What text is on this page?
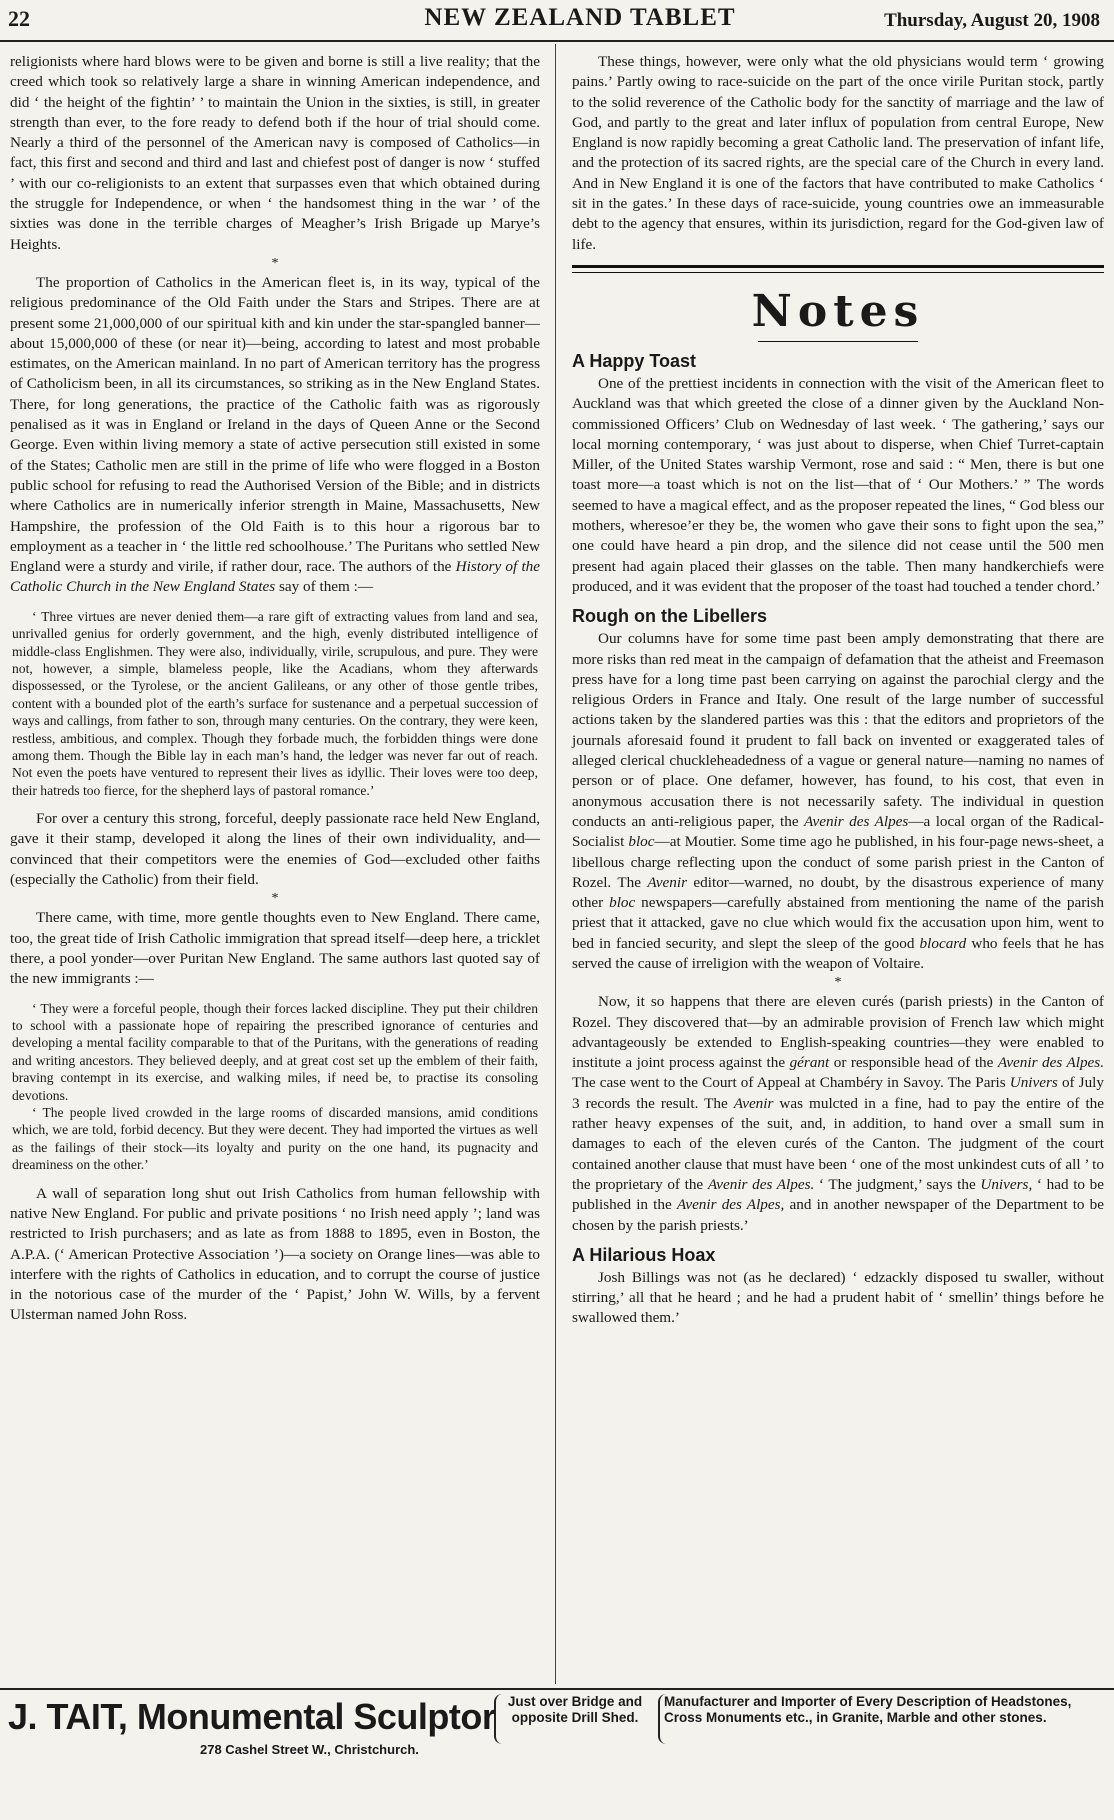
22	NEW ZEALAND TABLET	Thursday, August 20, 1908

religionists where hard blows were to be given and borne is still a live reality; that the creed which took so relatively large a share in winning American independence, and did ‘ the height of the fightin’ ’ to maintain the Union in the sixties, is still, in greater strength than ever, to the fore ready to defend both if the hour of trial should come. Nearly a third of the personnel of the American navy is composed of Catholics—in fact, this first and second and third and last and chiefest post of danger is now ‘ stuffed ’ with our co-religionists to an extent that surpasses even that which obtained during the struggle for Independence, or when ‘ the handsomest thing in the war ’ of the sixties was done in the terrible charges of Meagher’s Irish Brigade up Marye’s Heights.

*

The proportion of Catholics in the American fleet is, in its way, typical of the religious predominance of the Old Faith under the Stars and Stripes. There are at present some 21,000,000 of our spiritual kith and kin under the star-spangled banner—about 15,000,000 of these (or near it)—being, according to latest and most probable estimates, on the American mainland. In no part of American territory has the progress of Catholicism been, in all its circumstances, so striking as in the New England States. There, for long generations, the practice of the Catholic faith was as rigorously penalised as it was in England or Ireland in the days of Queen Anne or the Second George. Even within living memory a state of active persecution still existed in some of the States; Catholic men are still in the prime of life who were flogged in a Boston public school for refusing to read the Authorised Version of the Bible; and in districts where Catholics are in numerically inferior strength in Maine, Massachusetts, New Hampshire, the profession of the Old Faith is to this hour a rigorous bar to employment as a teacher in ‘ the little red schoolhouse.’ The Puritans who settled New England were a sturdy and virile, if rather dour, race. The authors of the History of the Catholic Church in the New England States say of them :—

‘ Three virtues are never denied them—a rare gift of extracting values from land and sea, unrivalled genius for orderly government, and the high, evenly distributed intelligence of middle-class Englishmen. They were also, individually, virile, scrupulous, and pure. They were not, however, a simple, blameless people, like the Acadians, whom they afterwards dispossessed, or the Tyrolese, or the ancient Galileans, or any other of those gentle tribes, content with a bounded plot of the earth’s surface for sustenance and a perpetual succession of ways and callings, from father to son, through many centuries. On the contrary, they were keen, restless, ambitious, and complex. Though they forbade much, the forbidden things were done among them. Though the Bible lay in each man’s hand, the ledger was never far out of reach. Not even the poets have ventured to represent their lives as idyllic. Their loves were too deep, their hatreds too fierce, for the shepherd lays of pastoral romance.’

For over a century this strong, forceful, deeply passionate race held New England, gave it their stamp, developed it along the lines of their own individuality, and—convinced that their competitors were the enemies of God—excluded other faiths (especially the Catholic) from their field.

*

There came, with time, more gentle thoughts even to New England. There came, too, the great tide of Irish Catholic immigration that spread itself—deep here, a tricklet there, a pool yonder—over Puritan New England. The same authors last quoted say of the new immigrants :—

‘ They were a forceful people, though their forces lacked discipline. They put their children to school with a passionate hope of repairing the prescribed ignorance of centuries and developing a mental facility comparable to that of the Puritans, with the generations of reading and writing ancestors. They believed deeply, and at great cost set up the emblem of their faith, braving contempt in its exercise, and walking miles, if need be, to practise its consoling devotions.

‘ The people lived crowded in the large rooms of discarded mansions, amid conditions which, we are told, forbid decency. But they were decent. They had imported the virtues as well as the failings of their stock—its loyalty and purity on the one hand, its pugnacity and dreaminess on the other.’

A wall of separation long shut out Irish Catholics from human fellowship with native New England. For public and private positions ‘ no Irish need apply ’; land was restricted to Irish purchasers; and as late as from 1888 to 1895, even in Boston, the A.P.A. (‘ American Protective Association ’)—a society on Orange lines—was able to interfere with the rights of Catholics in education, and to corrupt the course of justice in the notorious case of the murder of the ‘ Papist,’ John W. Wills, by a fervent Ulsterman named John Ross.

These things, however, were only what the old physicians would term ‘ growing pains.’ Partly owing to race-suicide on the part of the once virile Puritan stock, partly to the solid reverence of the Catholic body for the sanctity of marriage and the law of God, and partly to the great and later influx of population from central Europe, New England is now rapidly becoming a great Catholic land. The preservation of infant life, and the protection of its sacred rights, are the special care of the Church in every land. And in New England it is one of the factors that have contributed to make Catholics ‘ sit in the gates.’ In these days of race-suicide, young countries owe an immeasurable debt to the agency that ensures, within its jurisdiction, regard for the God-given law of life.

Notes
A Happy Toast

One of the prettiest incidents in connection with the visit of the American fleet to Auckland was that which greeted the close of a dinner given by the Auckland Non-commissioned Officers’ Club on Wednesday of last week. ‘ The gathering,’ says our local morning contemporary, ‘ was just about to disperse, when Chief Turret-captain Miller, of the United States warship Vermont, rose and said : “ Men, there is but one toast more—a toast which is not on the list—that of ‘ Our Mothers.’ ” The words seemed to have a magical effect, and as the proposer repeated the lines, “ God bless our mothers, wheresoe’er they be, the women who gave their sons to fight upon the sea,” one could have heard a pin drop, and the silence did not cease until the 500 men present had again placed their glasses on the table. Then many handkerchiefs were produced, and it was evident that the proposer of the toast had touched a tender chord.’

Rough on the Libellers

Our columns have for some time past been amply demonstrating that there are more risks than red meat in the campaign of defamation that the atheist and Freemason press have for a long time past been carrying on against the parochial clergy and the religious Orders in France and Italy. One result of the large number of successful actions taken by the slandered parties was this : that the editors and proprietors of the journals aforesaid found it prudent to fall back on invented or exaggerated tales of alleged clerical chuckleheadedness of a vague or general nature—naming no names of person or of place. One defamer, however, has found, to his cost, that even in anonymous accusation there is not necessarily safety. The individual in question conducts an anti-religious paper, the Avenir des Alpes—a local organ of the Radical-Socialist bloc—at Moutier. Some time ago he published, in his four-page news-sheet, a libellous charge reflecting upon the conduct of some parish priest in the Canton of Rozel. The Avenir editor—warned, no doubt, by the disastrous experience of many other bloc newspapers—carefully abstained from mentioning the name of the parish priest that it attacked, gave no clue which would fix the accusation upon him, went to bed in fancied security, and slept the sleep of the good blocard who feels that he has served the cause of irreligion with the weapon of Voltaire.

*

Now, it so happens that there are eleven curés (parish priests) in the Canton of Rozel. They discovered that—by an admirable provision of French law which might advantageously be extended to English-speaking countries—they were enabled to institute a joint process against the gérant or responsible head of the Avenir des Alpes. The case went to the Court of Appeal at Chambéry in Savoy. The Paris Univers of July 3 records the result. The Avenir was mulcted in a fine, had to pay the entire of the rather heavy expenses of the suit, and, in addition, to hand over a small sum in damages to each of the eleven curés of the Canton. The judgment of the court contained another clause that must have been ‘ one of the most unkindest cuts of all ’ to the proprietary of the Avenir des Alpes. ‘ The judgment,’ says the Univers, ‘ had to be published in the Avenir des Alpes, and in another newspaper of the Department to be chosen by the parish priests.’

A Hilarious Hoax

Josh Billings was not (as he declared) ‘ edzackly disposed tu swaller, without stirring,’ all that he heard ; and he had a prudent habit of ‘ smellin’ things before he swallowed them.’

J. TAIT, Monumental Sculptor
278 Cashel Street W., Christchurch.
Just over Bridge and opposite Drill Shed.
Manufacturer and Importer of Every Description of Headstones, Cross Monuments etc., in Granite, Marble and other stones.
